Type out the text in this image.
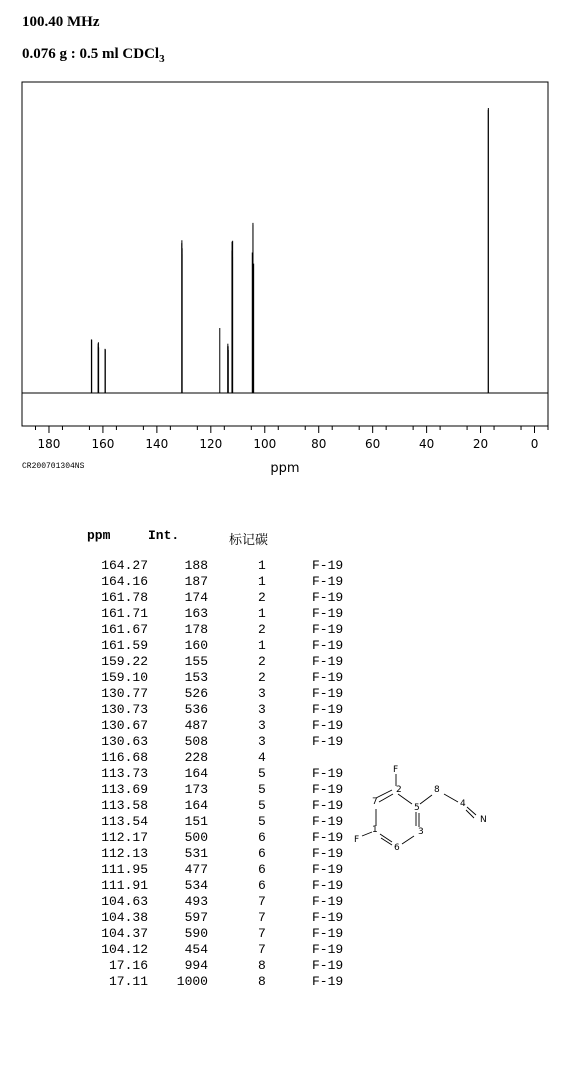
100.40 MHz
0.076 g : 0.5 ml CDCl$_3$
180	160	140	120	100	80	60	40	20	0
ppm
CR200701304NS
ppm	Int.	标记碳
164.27	188	1	F-19
164.16	187	1	F-19
161.78	174	2	F-19
161.71	163	1	F-19
161.67	178	2	F-19
161.59	160	1	F-19
159.22	155	2	F-19
159.10	153	2	F-19
130.77	526	3	F-19
130.73	536	3	F-19
130.67	487	3	F-19
130.63	508	3	F-19
116.68	228	4
113.73	164	5	F-19
113.69	173	5	F-19
113.58	164	5	F-19
113.54	151	5	F-19
112.17	500	6	F-19
112.13	531	6	F-19
111.95	477	6	F-19
111.91	534	6	F-19
104.63	493	7	F-19
104.38	597	7	F-19
104.37	590	7	F-19
104.12	454	7	F-19
17.16	994	8	F-19
17.11 1000	8	F-19
F
2	8
7
5	4
N
1	3
F
6
